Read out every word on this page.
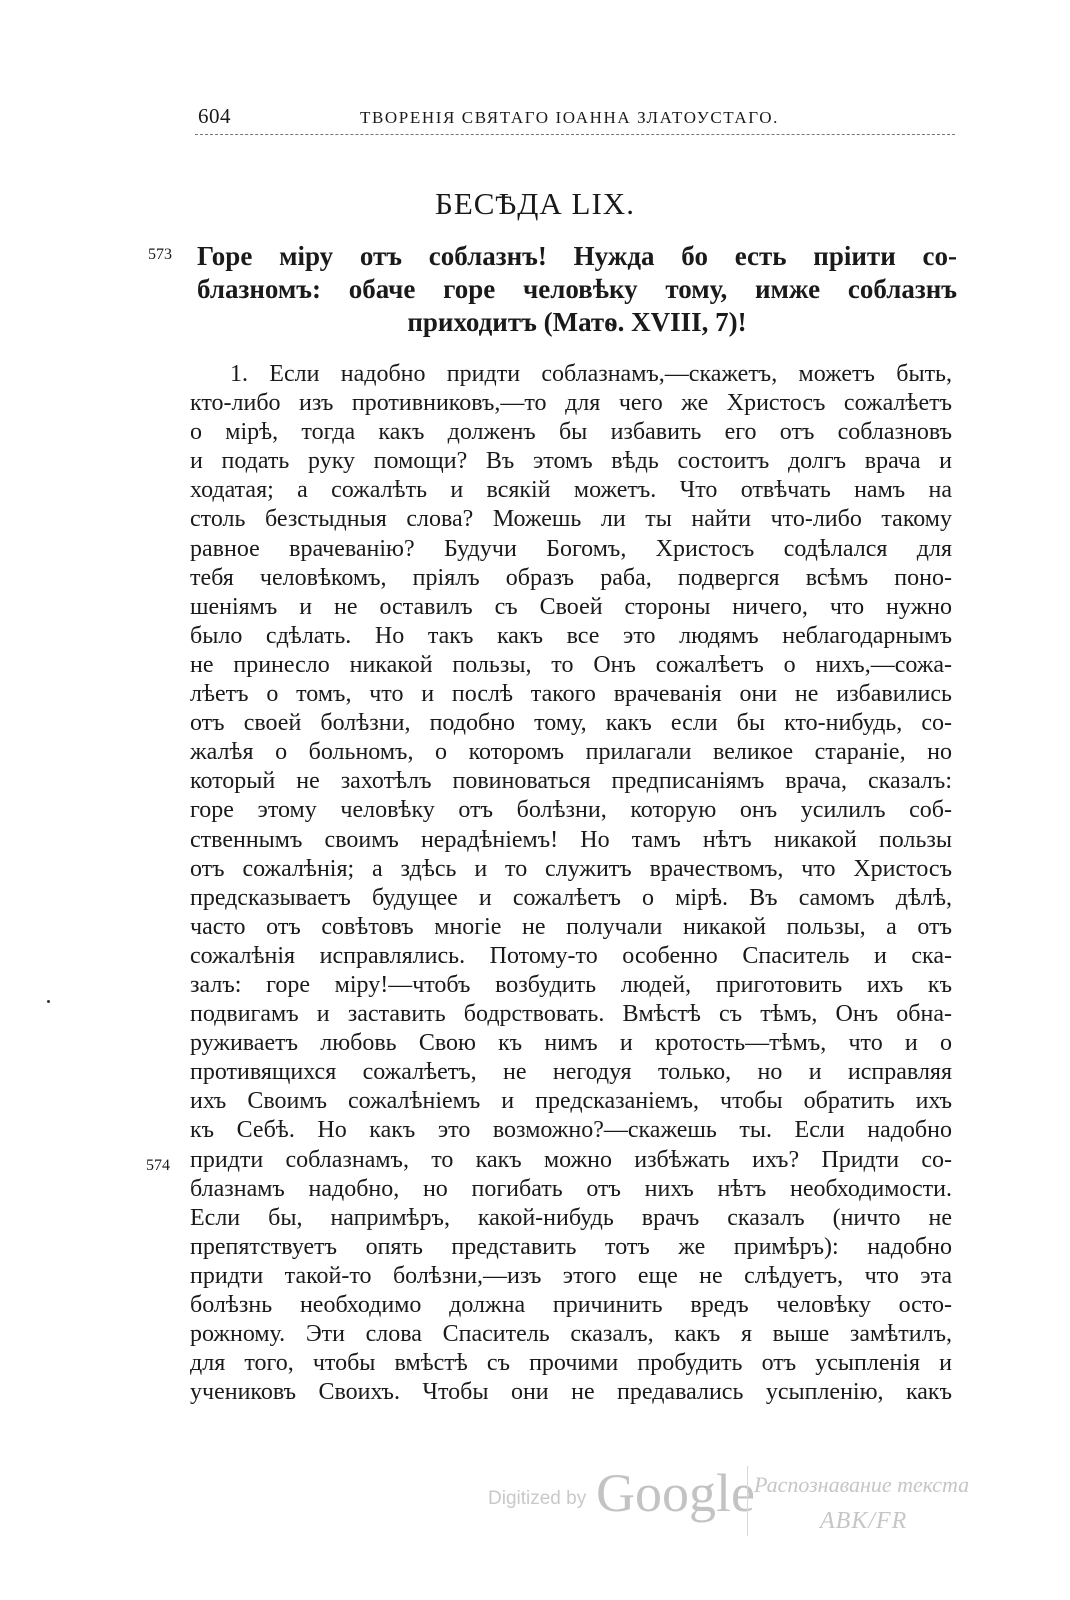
604	ТВОРЕНІЯ СВЯТАГО ІОАННА ЗЛАТОУСТАГО.
БЕСѢДА LIX.
573 Горе міру отъ соблазнъ! Нужда бо есть пріити со-
блазномъ: обаче горе человѣку тому, имже соблазнъ
приходитъ (Матѳ. XVIII, 7)!
1. Если надобно придти соблазнамъ,—скажетъ, можетъ быть,
кто-либо изъ противниковъ,—то для чего же Христосъ сожалѣетъ
о мірѣ, тогда какъ долженъ бы избавить его отъ соблазновъ
и подать руку помощи? Въ этомъ вѣдь состоитъ долгъ врача и
ходатая; а сожалѣть и всякій можетъ. Что отвѣчать намъ на
столь безстыдныя слова? Можешь ли ты найти что-либо такому
равное врачеванію? Будучи Богомъ, Христосъ содѣлался для
тебя человѣкомъ, пріялъ образъ раба, подвергся всѣмъ поно-
шеніямъ и не оставилъ съ Своей стороны ничего, что нужно
было сдѣлать. Но такъ какъ все это людямъ неблагодарнымъ
не принесло никакой пользы, то Онъ сожалѣетъ о нихъ,—сожа-
лѣетъ о томъ, что и послѣ такого врачеванія они не избавились
отъ своей болѣзни, подобно тому, какъ если бы кто-нибудь, со-
жалѣя о больномъ, о которомъ прилагали великое стараніе, но
который не захотѣлъ повиноваться предписаніямъ врача, сказалъ:
горе этому человѣку отъ болѣзни, которую онъ усилилъ соб-
ственнымъ своимъ нерадѣніемъ! Но тамъ нѣтъ никакой пользы
отъ сожалѣнія; а здѣсь и то служитъ врачествомъ, что Христосъ
предсказываетъ будущее и сожалѣетъ о мірѣ. Въ самомъ дѣлѣ,
часто отъ совѣтовъ многіе не получали никакой пользы, а отъ
сожалѣнія исправлялись. Потому-то особенно Спаситель и ска-
залъ: горе міру!—чтобъ возбудить людей, приготовить ихъ къ
подвигамъ и заставить бодрствовать. Вмѣстѣ съ тѣмъ, Онъ обна-
руживаетъ любовь Свою къ нимъ и кротость—тѣмъ, что и о
противящихся сожалѣетъ, не негодуя только, но и исправляя
ихъ Своимъ сожалѣніемъ и предсказаніемъ, чтобы обратить ихъ
къ Себѣ. Но какъ это возможно?—скажешь ты. Если надобно
придти соблазнамъ, то какъ можно избѣжать ихъ? Придти со-
блазнамъ надобно, но погибать отъ нихъ нѣтъ необходимости.
Если бы, напримѣръ, какой-нибудь врачъ сказалъ (ничто не
препятствуетъ опять представить тотъ же примѣръ): надобно
придти такой-то болѣзни,—изъ этого еще не слѣдуетъ, что эта
болѣзнь необходимо должна причинить вредъ человѣку осто-
рожному. Эти слова Спаситель сказалъ, какъ я выше замѣтилъ,
для того, чтобы вмѣстѣ съ прочими пробудить отъ усыпленія и
учениковъ Своихъ. Чтобы они не предавались усыпленію, какъ
574
Digitized by Google Распознавание текста
ABK/FR
